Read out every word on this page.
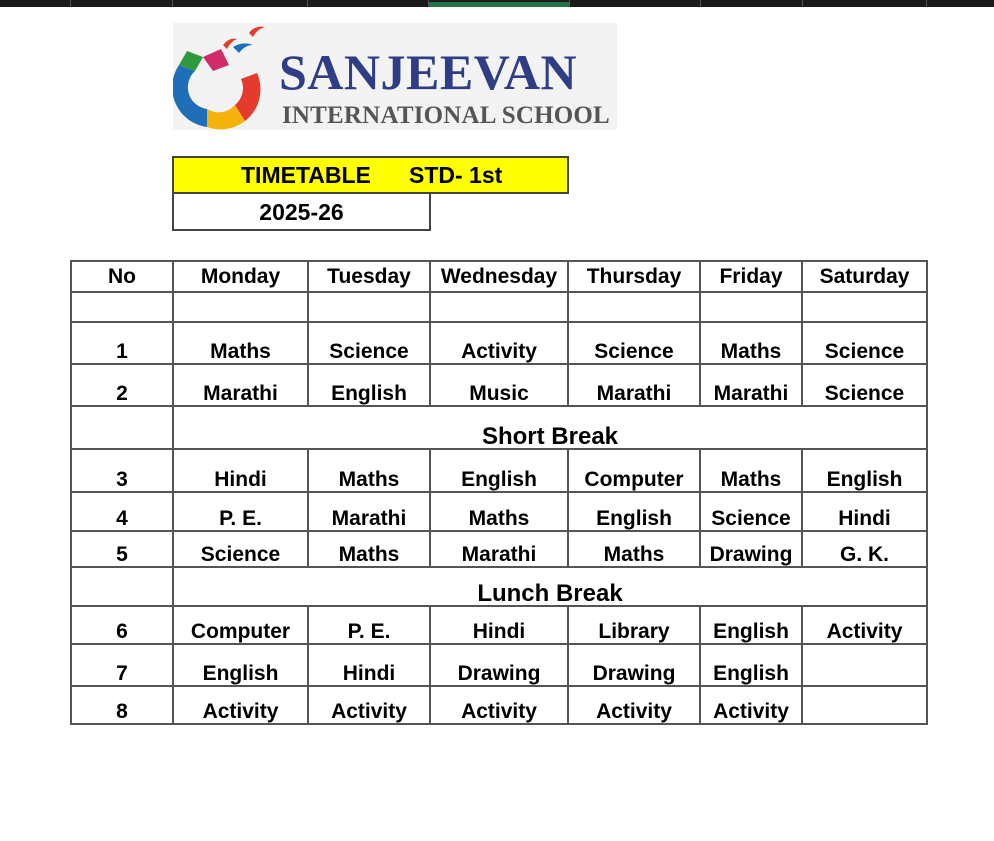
SANJEEVAN
INTERNATIONAL SCHOOL
TIMETABLE STD- 1st
2025-26
No	Monday	Tuesday	Wednesday	Thursday	Friday	Saturday

1	Maths	Science	Activity	Science	Maths	Science
2	Marathi	English	Music	Marathi	Marathi	Science
	Short Break					
3	Hindi	Maths	English	Computer	Maths	English
4	P. E.	Marathi	Maths	English	Science	Hindi
5	Science	Maths	Marathi	Maths	Drawing	G. K.
	Lunch Break					
6	Computer	P. E.	Hindi	Library	English	Activity
7	English	Hindi	Drawing	Drawing	English	
8	Activity	Activity	Activity	Activity	Activity	
